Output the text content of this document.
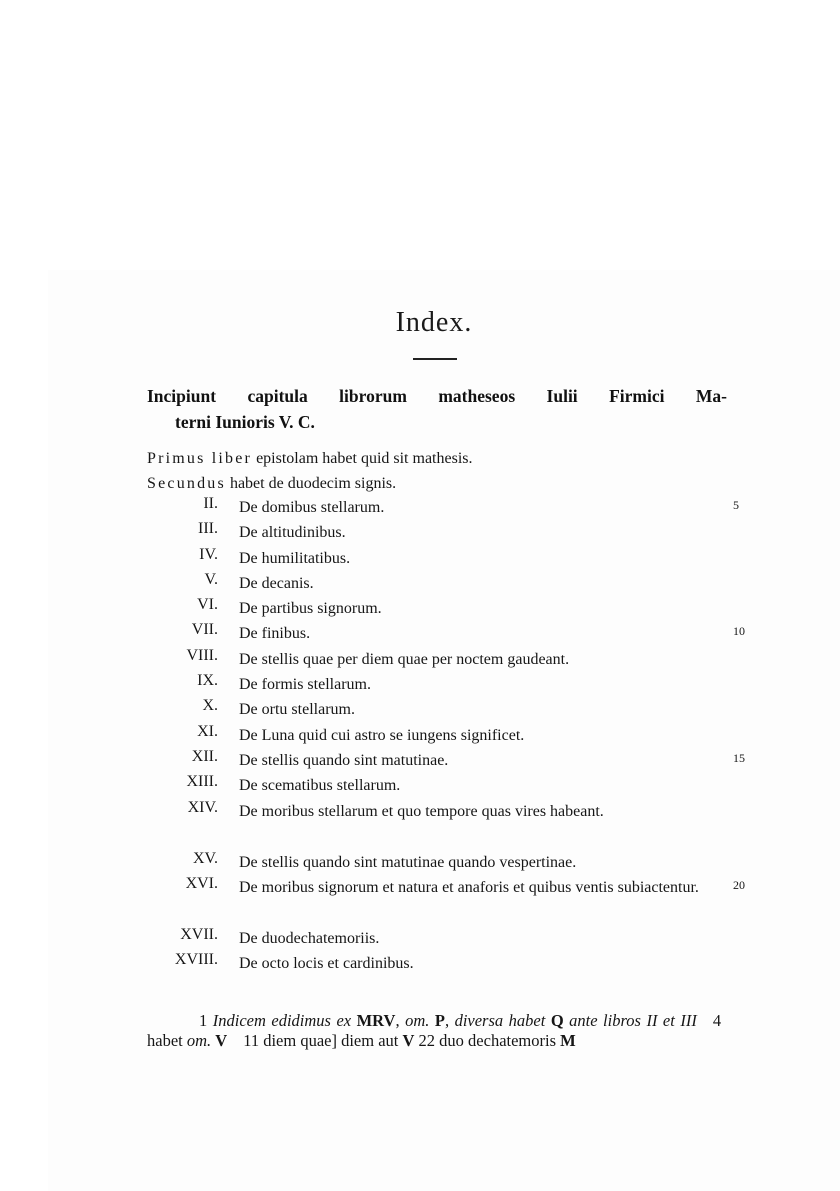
Index.
Incipiunt capitula librorum matheseos Iulii Firmici Ma-
terni Iunioris V. C.
Primus liber epistolam habet quid sit mathesis.
Secundus habet de duodecim signis.
II. De domibus stellarum.	5
III. De altitudinibus.
IV. De humilitatibus.
V. De decanis.
VI. De partibus signorum.
VII. De finibus.	10
VIII. De stellis quae per diem quae per noctem gaudeant.
IX. De formis stellarum.
X. De ortu stellarum.
XI. De Luna quid cui astro se iungens significet.
XII. De stellis quando sint matutinae.	15
XIII. De scematibus stellarum.
XIV. De moribus stellarum et quo tempore quas vires habeant.
XV. De stellis quando sint matutinae quando vespertinae.
XVI. De moribus signorum et natura et anaforis et quibus ventis subiactentur.	20
XVII. De duodechatemoriis.
XVIII. De octo locis et cardinibus.
1 Indicem edidimus ex MRV, om. P, diversa habet Q ante libros II et III 4 habet om. V 11 diem quae] diem aut V 22 duo dechatemoris M
